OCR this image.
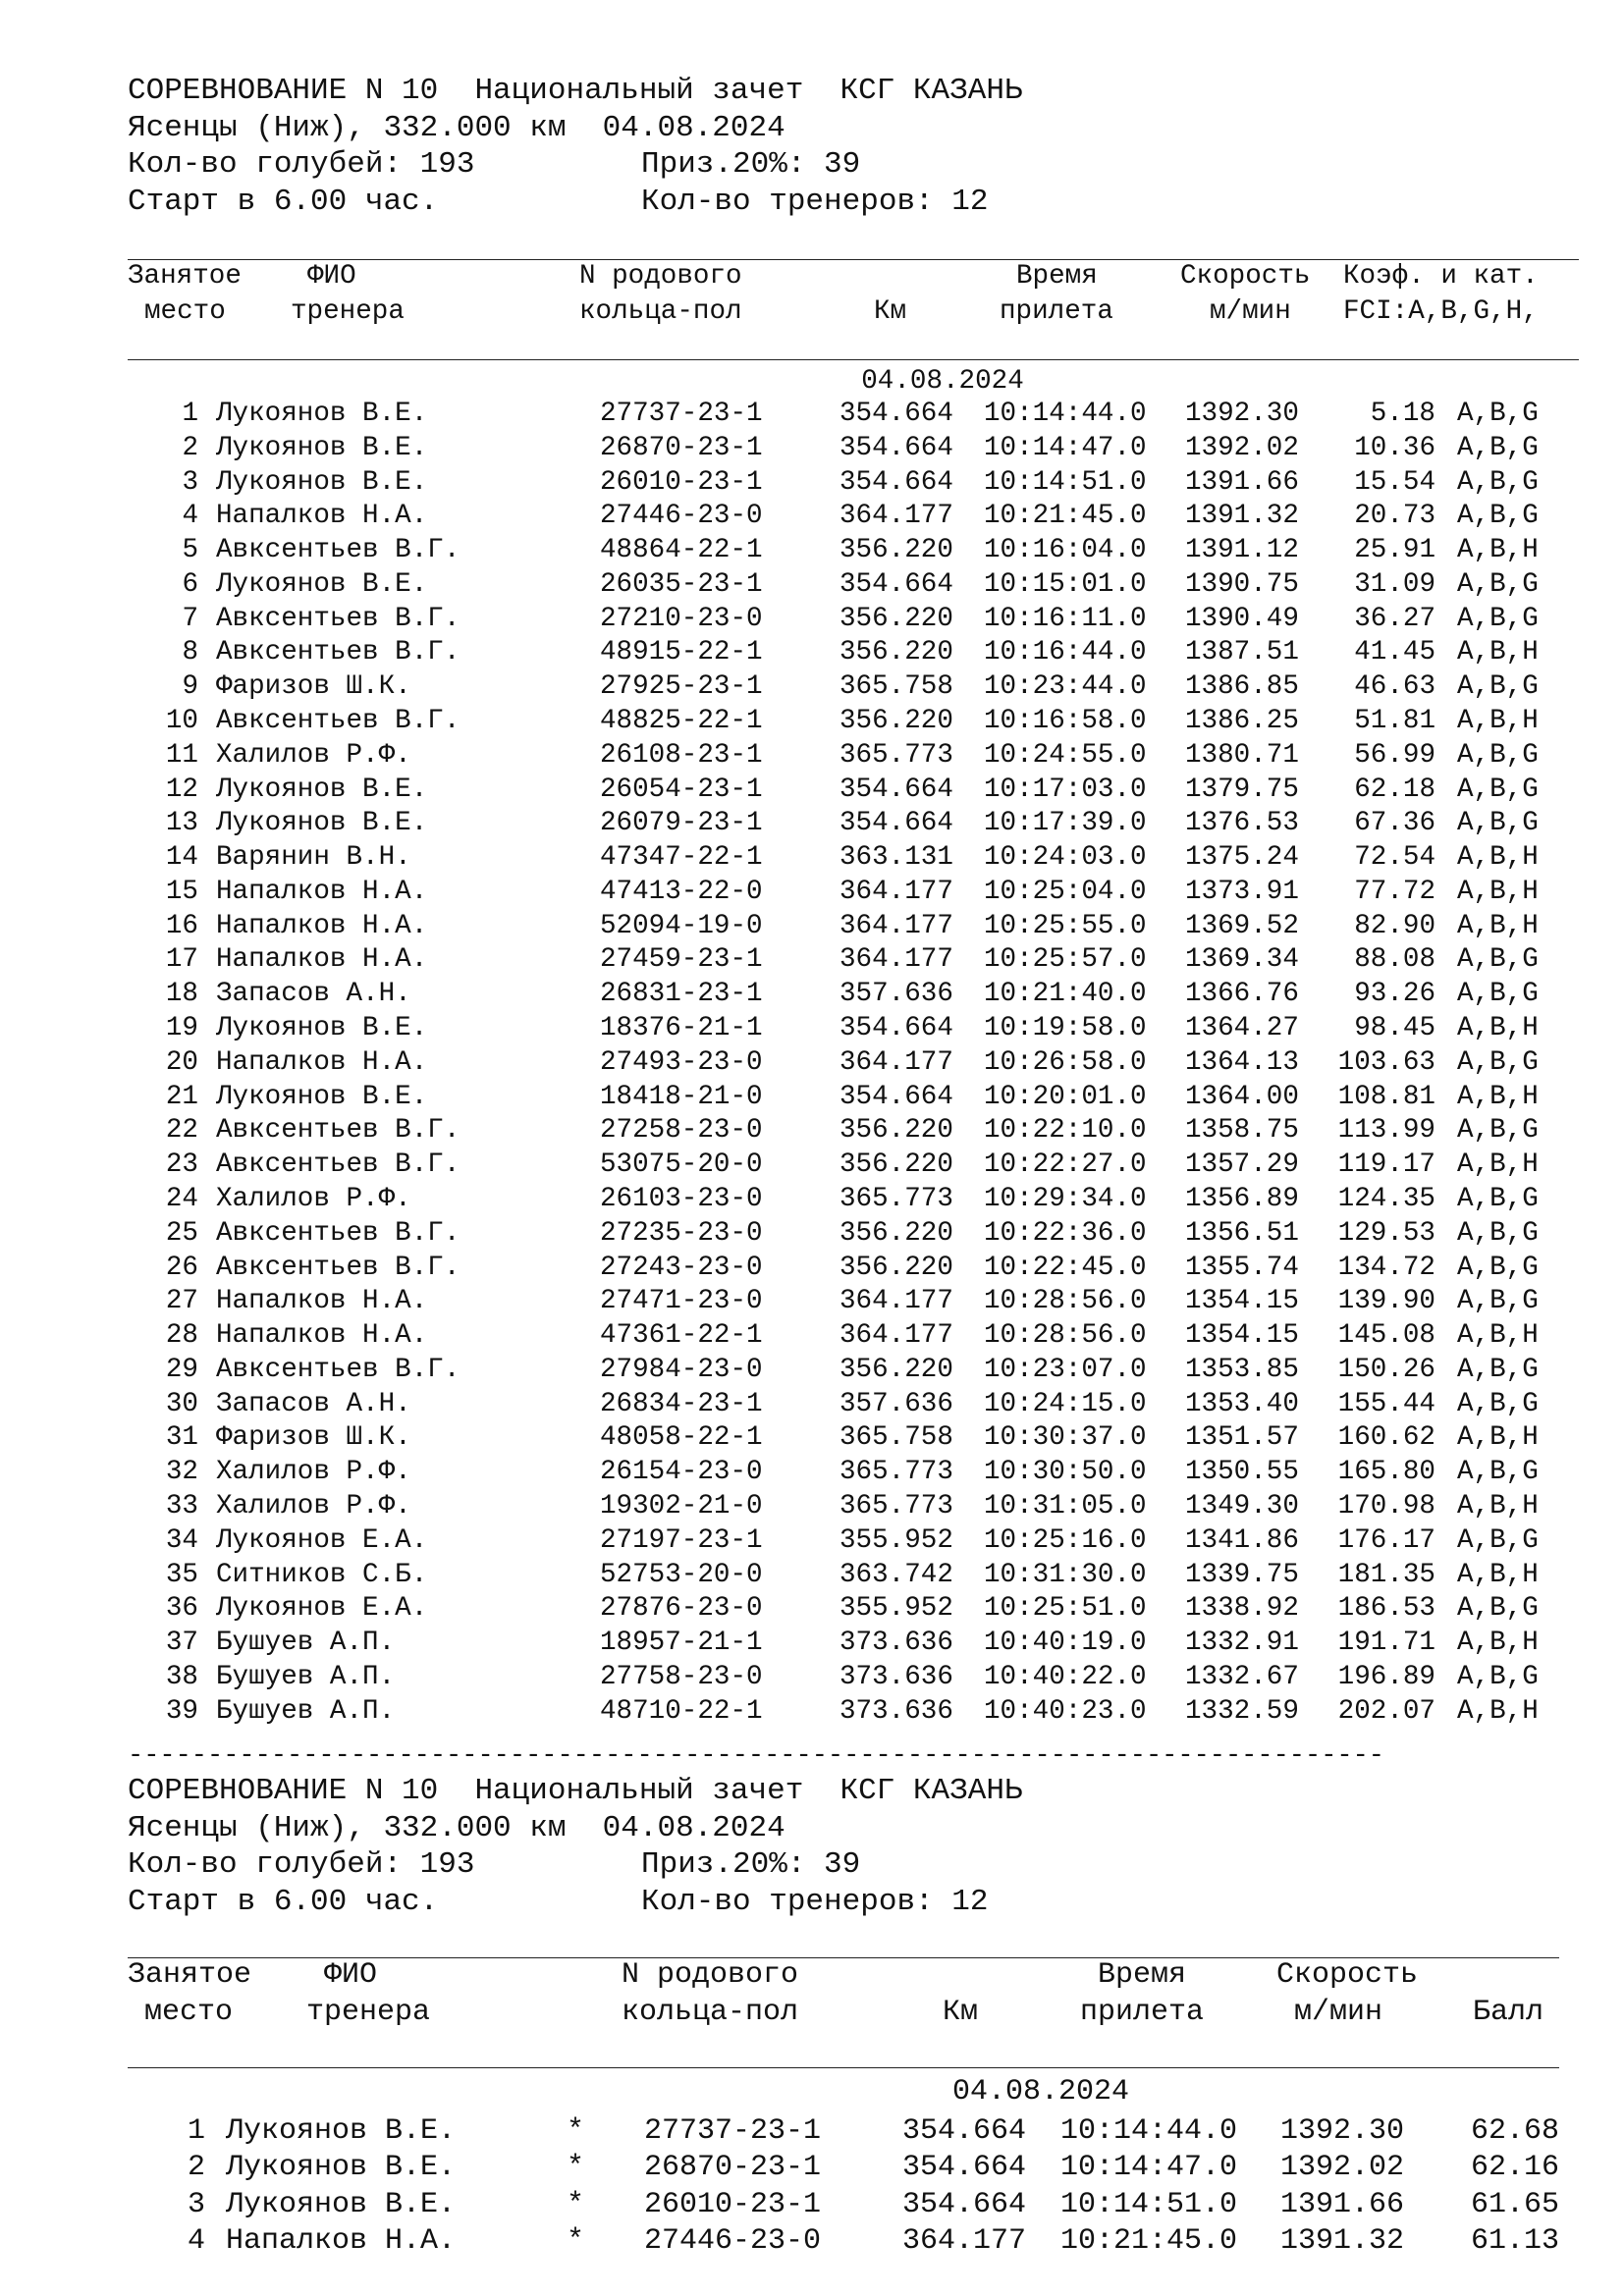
СОРЕВНОВАНИЕ N 10  Национальный зачет  КСГ КАЗАНЬ
Ясенцы (Ниж), 332.000 км  04.08.2024
Кол-во голубей: 193	Приз.20%: 39
Старт в 6.00 час.	Кол-во тренеров: 12
Занятое
место
ФИО
тренера
N родового
кольца-пол	Км
Время
прилета
Скорость
м/мин
Коэф. и кат.
FCI:A,B,G,H,
04.08.2024
1 Лукоянов В.Е.	27737-23-1	354.664 10:14:44.0 1392.30	5.18 A,B,G
2 Лукоянов В.Е.	26870-23-1	354.664 10:14:47.0 1392.02 10.36 A,B,G
3 Лукоянов В.Е.	26010-23-1	354.664 10:14:51.0 1391.66 15.54 A,B,G
4 Напалков Н.А.	27446-23-0	364.177 10:21:45.0 1391.32 20.73 A,B,G
5 Авксентьев В.Г.	48864-22-1	356.220 10:16:04.0 1391.12 25.91 A,B,H
6 Лукоянов В.Е.	26035-23-1	354.664 10:15:01.0 1390.75 31.09 A,B,G
7 Авксентьев В.Г.	27210-23-0	356.220 10:16:11.0 1390.49 36.27 A,B,G
8 Авксентьев В.Г.	48915-22-1	356.220 10:16:44.0 1387.51 41.45 A,B,H
9 Фаризов Ш.К.	27925-23-1	365.758 10:23:44.0 1386.85 46.63 A,B,G
10 Авксентьев В.Г.	48825-22-1	356.220 10:16:58.0 1386.25 51.81 A,B,H
11 Халилов Р.Ф.	26108-23-1	365.773 10:24:55.0 1380.71 56.99 A,B,G
12 Лукоянов В.Е.	26054-23-1	354.664 10:17:03.0 1379.75 62.18 A,B,G
13 Лукоянов В.Е.	26079-23-1	354.664 10:17:39.0 1376.53 67.36 A,B,G
14 Варянин В.Н.	47347-22-1	363.131 10:24:03.0 1375.24 72.54 A,B,H
15 Напалков Н.А.	47413-22-0	364.177 10:25:04.0 1373.91 77.72 A,B,H
16 Напалков Н.А.	52094-19-0	364.177 10:25:55.0 1369.52 82.90 A,B,H
17 Напалков Н.А.	27459-23-1	364.177 10:25:57.0 1369.34 88.08 A,B,G
18 Запасов А.Н.	26831-23-1	357.636 10:21:40.0 1366.76 93.26 A,B,G
19 Лукоянов В.Е.	18376-21-1	354.664 10:19:58.0 1364.27 98.45 A,B,H
20 Напалков Н.А.	27493-23-0	364.177 10:26:58.0 1364.13 103.63 A,B,G
21 Лукоянов В.Е.	18418-21-0	354.664 10:20:01.0 1364.00 108.81 A,B,H
22 Авксентьев В.Г.	27258-23-0	356.220 10:22:10.0 1358.75 113.99 A,B,G
23 Авксентьев В.Г.	53075-20-0	356.220 10:22:27.0 1357.29 119.17 A,B,H
24 Халилов Р.Ф.	26103-23-0	365.773 10:29:34.0 1356.89 124.35 A,B,G
25 Авксентьев В.Г.	27235-23-0	356.220 10:22:36.0 1356.51 129.53 A,B,G
26 Авксентьев В.Г.	27243-23-0	356.220 10:22:45.0 1355.74 134.72 A,B,G
27 Напалков Н.А.	27471-23-0	364.177 10:28:56.0 1354.15 139.90 A,B,G
28 Напалков Н.А.	47361-22-1	364.177 10:28:56.0 1354.15 145.08 A,B,H
29 Авксентьев В.Г.	27984-23-0	356.220 10:23:07.0 1353.85 150.26 A,B,G
30 Запасов А.Н.	26834-23-1	357.636 10:24:15.0 1353.40 155.44 A,B,G
31 Фаризов Ш.К.	48058-22-1	365.758 10:30:37.0 1351.57 160.62 A,B,H
32 Халилов Р.Ф.	26154-23-0	365.773 10:30:50.0 1350.55 165.80 A,B,G
33 Халилов Р.Ф.	19302-21-0	365.773 10:31:05.0 1349.30 170.98 A,B,H
34 Лукоянов Е.А.	27197-23-1	355.952 10:25:16.0 1341.86 176.17 A,B,G
35 Ситников С.Б.	52753-20-0	363.742 10:31:30.0 1339.75 181.35 A,B,H
36 Лукоянов Е.А.	27876-23-0	355.952 10:25:51.0 1338.92 186.53 A,B,G
37 Бушуев А.П.	18957-21-1	373.636 10:40:19.0 1332.91 191.71 A,B,H
38 Бушуев А.П.	27758-23-0	373.636 10:40:22.0 1332.67 196.89 A,B,G
39 Бушуев А.П.	48710-22-1	373.636 10:40:23.0 1332.59 202.07 A,B,H
-------------------------------------------------------------------------------
СОРЕВНОВАНИЕ N 10  Национальный зачет  КСГ КАЗАНЬ
Ясенцы (Ниж), 332.000 км  04.08.2024
Кол-во голубей: 193	Приз.20%: 39
Старт в 6.00 час.	Кол-во тренеров: 12
Занятое
место
ФИО
тренера
N родового
кольца-пол	Км
Время
прилета
Скорость
м/мин	Балл
04.08.2024
1 Лукоянов В.Е.	* 27737-23-1	354.664 10:14:44.0 1392.30 62.68
2 Лукоянов В.Е.	* 26870-23-1	354.664 10:14:47.0 1392.02 62.16
3 Лукоянов В.Е.	* 26010-23-1	354.664 10:14:51.0 1391.66 61.65
4 Напалков Н.А.	* 27446-23-0	364.177 10:21:45.0 1391.32 61.13
